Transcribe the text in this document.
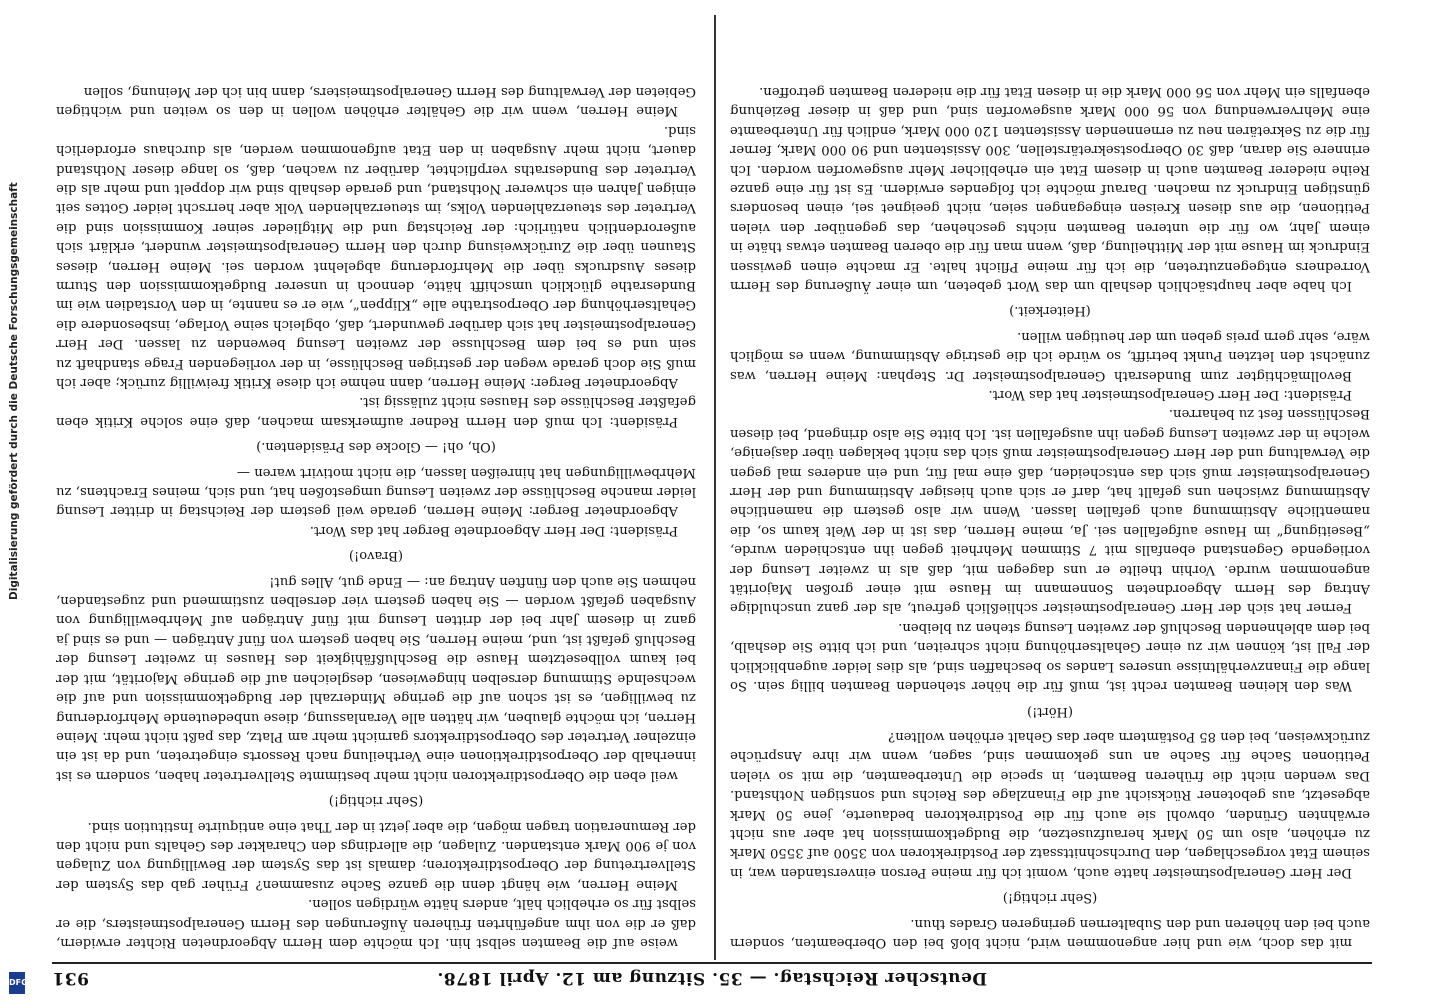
Deutscher Reichstag. — 35. Sitzung am 12. April 1878.
931

mit das doch, wie und hier angenommen wird, nicht bloß bei den Oberbeamten, sondern auch bei den höheren und den Subalternen geringeren Grades thun.

(Sehr richtig!)

Der Herr Generalpostmeister hatte auch, womit ich für meine Person einverstanden war, in seinem Etat vorgeschlagen, den Durchschnittssatz der Postdirektoren von 3500 auf 3550 Mark zu erhöhen, also um 50 Mark heraufzusetzen, die Budgetkommission hat aber aus nicht erwähnten Gründen, obwohl sie auch für die Postdirektoren bedauerte, jene 50 Mark abgesetzt, aus gebotener Rücksicht auf die Finanzlage des Reichs und sonstigen Nothstand. Das wenden nicht die früheren Beamten, in specie die Unterbeamten, die mit so vielen Petitionen Sache für Sache an uns gekommen sind, sagen, wenn wir ihre Ansprüche zurückweisen, bei den 85 Postämtern aber das Gehalt erhöhen wollten?

(Hört!)

Was den kleinen Beamten recht ist, muß für die höher stehenden Beamten billig sein. So lange die Finanzverhältnisse unseres Landes so beschaffen sind, als dies leider augenblicklich der Fall ist, können wir zu einer Gehaltserhöhung nicht schreiten, und ich bitte Sie deshalb, bei dem ablehnenden Beschluß der zweiten Lesung stehen zu bleiben.

Ferner hat sich der Herr Generalpostmeister schließlich gefreut, als der ganz unschuldige Antrag des Herrn Abgeordneten Sonnemann im Hause mit einer großen Majorität angenommen wurde. Vorhin theilte er uns dagegen mit, daß als in zweiter Lesung der vorliegende Gegenstand ebenfalls mit 7 Stimmen Mehrheit gegen ihn entschieden wurde, „Beseitigung“ im Hause aufgefallen sei. Ja, meine Herren, das ist in der Welt kaum so, die namentliche Abstimmung auch gefallen lassen. Wenn wir also gestern die namentliche Abstimmung zwischen uns gefallt hat, darf er sich auch hiesiger Abstimmung und der Herr Generalpostmeister muß sich das entscheiden, daß eine mal für, und ein anderes mal gegen die Verwaltung und der Herr Generalpostmeister muß sich das nicht beklagen über dasjenige, welche in der zweiten Lesung gegen ihn ausgefallen ist. Ich bitte Sie also dringend, bei diesen Beschlüssen fest zu beharren.

Präsident: Der Herr Generalpostmeister hat das Wort.

Bevollmächtigter zum Bundesrath Generalpostmeister Dr. Stephan: Meine Herren, was zunächst den letzten Punkt betrifft, so würde ich die gestrige Abstimmung, wenn es möglich wäre, sehr gern preis geben um der heutigen willen.

(Heiterkeit.)

Ich habe aber hauptsächlich deshalb um das Wort gebeten, um einer Äußerung des Herrn Vorredners entgegenzutreten, die ich für meine Pflicht halte. Er machte einen gewissen Eindruck im Hause mit der Mittheilung, daß, wenn man für die oberen Beamten etwas thäte in einem Jahr, wo für die unteren Beamten nichts geschehen, das gegenüber den vielen Petitionen, die aus diesen Kreisen eingegangen seien, nicht geeignet sei, einen besonders günstigen Eindruck zu machen. Darauf möchte ich folgendes erwidern. Es ist für eine ganze Reihe niederer Beamten auch in diesem Etat ein erheblicher Mehr ausgeworfen worden. Ich erinnere Sie daran, daß 30 Oberpostsekretärstellen, 300 Assistenten und 90 000 Mark, ferner für die zu Sekretären neu zu ernennenden Assistenten 120 000 Mark, endlich für Unterbeamte eine Mehrverwendung von 56 000 Mark ausgeworfen sind, und daß in dieser Beziehung ebenfalls ein Mehr von 56 000 Mark die in diesen Etat für die niederen Beamten getroffen.

weise auf die Beamten selbst hin. Ich möchte dem Herrn Abgeordneten Richter erwidern, daß er die von ihm angeführten früheren Äußerungen des Herrn Generalpostmeisters, die er selbst für so erheblich hält, anders hätte würdigen sollen.

Meine Herren, wie hängt denn die ganze Sache zusammen? Früher gab das System der Stellvertretung der Oberpostdirektoren; damals ist das System der Bewilligung von Zulagen von je 900 Mark entstanden. Zulagen, die allerdings den Charakter des Gehalts und nicht den der Remuneration tragen mögen, die aber jetzt in der That eine antiquirte Institution sind.

(Sehr richtig!)

weil eben die Oberpostdirektoren nicht mehr bestimmte Stellvertreter haben, sondern es ist innerhalb der Oberpostdirektionen eine Vertheilung nach Ressorts eingetreten, und da ist ein einzelner Vertreter des Oberpostdirektors garnicht mehr am Platz, das paßt nicht mehr. Meine Herren, ich möchte glauben, wir hätten alle Veranlassung, diese unbedeutende Mehrforderung zu bewilligen, es ist schon auf die geringe Minderzahl der Budgetkommission und auf die wechselnde Stimmung derselben hingewiesen, desgleichen auf die geringe Majorität, mit der bei kaum vollbesetztem Hause die Beschlußfähigkeit des Hauses in zweiter Lesung der Beschluß gefaßt ist, und, meine Herren, Sie haben gestern von fünf Anträgen — und es sind ja ganz in diesem Jahr bei der dritten Lesung mit fünf Anträgen auf Mehrbewilligung von Ausgaben gefaßt worden — Sie haben gestern vier derselben zustimmend und zugestanden, nehmen Sie auch den fünften Antrag an: — Ende gut, Alles gut!

(Bravo!)

Präsident: Der Herr Abgeordnete Berger hat das Wort.

Abgeordneter Berger: Meine Herren, gerade weil gestern der Reichstag in dritter Lesung leider manche Beschlüsse der zweiten Lesung umgestoßen hat, und sich, meines Erachtens, zu Mehrbewilligungen hat hinreißen lassen, die nicht motivirt waren —

(Oh, oh! — Glocke des Präsidenten.)

Präsident: Ich muß den Herrn Redner aufmerksam machen, daß eine solche Kritik eben gefaßter Beschlüsse des Hauses nicht zulässig ist.

Abgeordneter Berger: Meine Herren, dann nehme ich diese Kritik freiwillig zurück; aber ich muß Sie doch gerade wegen der gestrigen Beschlüsse, in der vorliegenden Frage standhaft zu sein und es bei dem Beschlusse der zweiten Lesung bewenden zu lassen. Der Herr Generalpostmeister hat sich darüber gewundert, daß, obgleich seine Vorlage, insbesondere die Gehaltserhöhung der Oberpostrathe alle „Klippen“, wie er es nannte, in den Vorstadien wie im Bundesrathe glücklich umschifft hätte, dennoch in unserer Budgetkommission den Sturm dieses Ausdrucks über die Mehrforderung abgelehnt worden sei. Meine Herren, dieses Staunen über die Zurückweisung durch den Herrn Generalpostmeister wundert, erklärt sich außerordentlich natürlich: der Reichstag und die Mitglieder seiner Kommission sind die Vertreter des steuerzahlenden Volks, im steuerzahlenden Volk aber herrscht leider Gottes seit einigen Jahren ein schwerer Nothstand, und gerade deshalb sind wir doppelt und mehr als die Vertreter des Bundesraths verpflichtet, darüber zu wachen, daß, so lange dieser Nothstand dauert, nicht mehr Ausgaben in den Etat aufgenommen werden, als durchaus erforderlich sind.

Meine Herren, wenn wir die Gehälter erhöhen wollen in den so weiten und wichtigen Gebieten der Verwaltung des Herrn Generalpostmeisters, dann bin ich der Meinung, sollen

Digitalisierung gefördert durch die Deutsche Forschungsgemeinschaft
DFG
